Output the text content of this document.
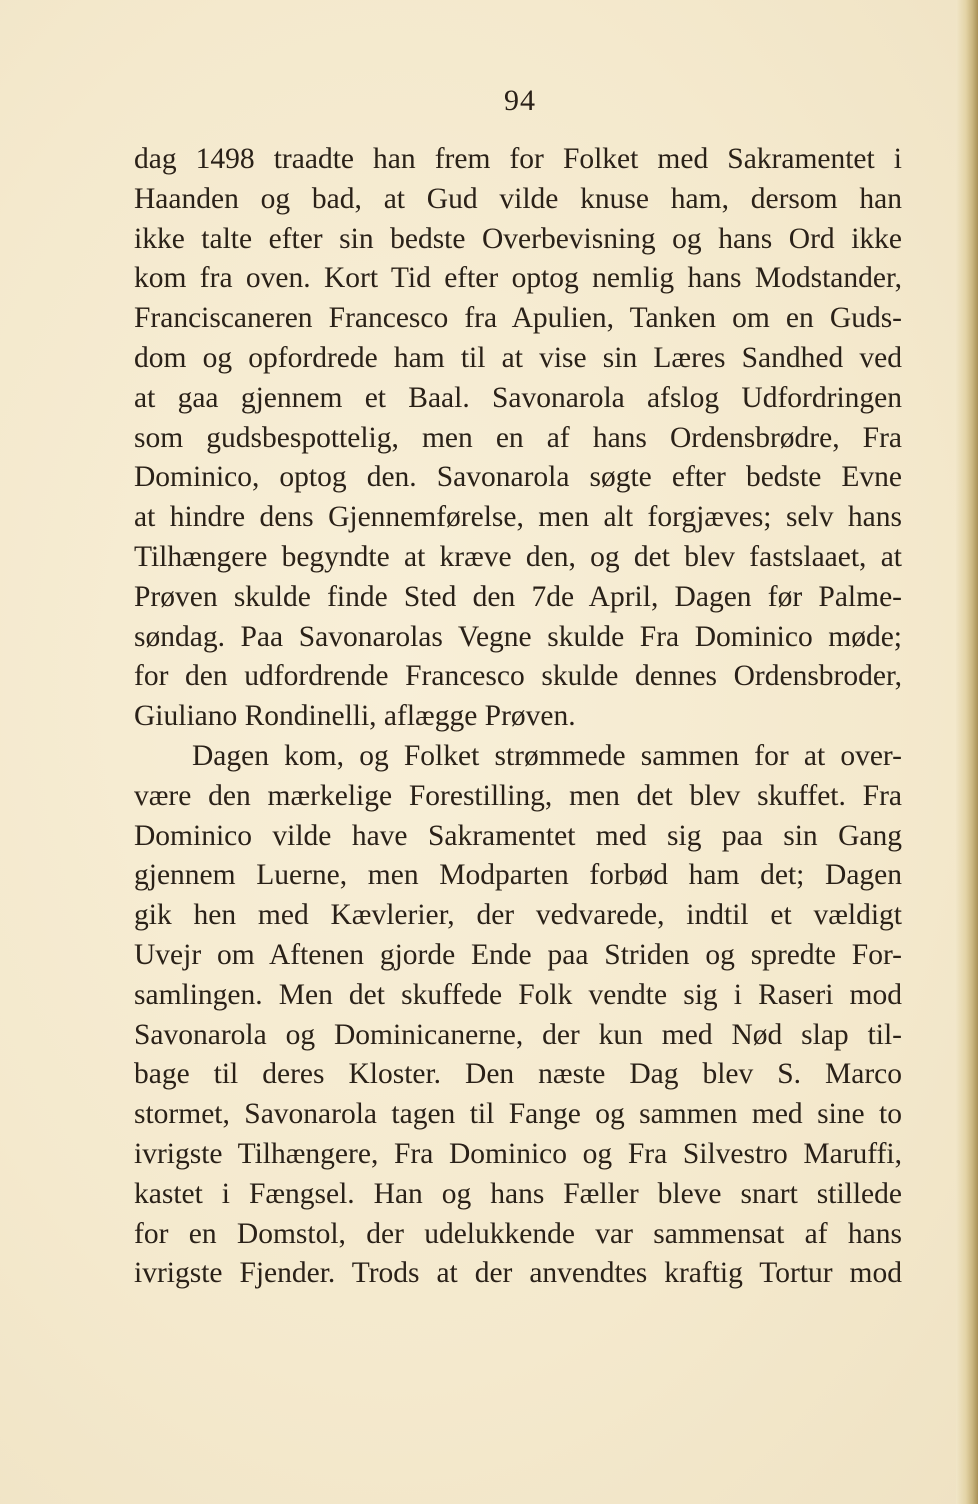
94
dag 1498 traadte han frem for Folket med Sakramentet i
Haanden og bad, at Gud vilde knuse ham, dersom han
ikke talte efter sin bedste Overbevisning og hans Ord ikke
kom fra oven. Kort Tid efter optog nemlig hans Modstander,
Franciscaneren Francesco fra Apulien, Tanken om en Guds-
dom og opfordrede ham til at vise sin Læres Sandhed ved
at gaa gjennem et Baal. Savonarola afslog Udfordringen
som gudsbespottelig, men en af hans Ordensbrødre, Fra
Dominico, optog den. Savonarola søgte efter bedste Evne
at hindre dens Gjennemførelse, men alt forgjæves; selv hans
Tilhængere begyndte at kræve den, og det blev fastslaaet, at
Prøven skulde finde Sted den 7de April, Dagen før Palme-
søndag. Paa Savonarolas Vegne skulde Fra Dominico møde;
for den udfordrende Francesco skulde dennes Ordensbroder,
Giuliano Rondinelli, aflægge Prøven.
Dagen kom, og Folket strømmede sammen for at over-
være den mærkelige Forestilling, men det blev skuffet. Fra
Dominico vilde have Sakramentet med sig paa sin Gang
gjennem Luerne, men Modparten forbød ham det; Dagen
gik hen med Kævlerier, der vedvarede, indtil et vældigt
Uvejr om Aftenen gjorde Ende paa Striden og spredte For-
samlingen. Men det skuffede Folk vendte sig i Raseri mod
Savonarola og Dominicanerne, der kun med Nød slap til-
bage til deres Kloster. Den næste Dag blev S. Marco
stormet, Savonarola tagen til Fange og sammen med sine to
ivrigste Tilhængere, Fra Dominico og Fra Silvestro Maruffi,
kastet i Fængsel. Han og hans Fæller bleve snart stillede
for en Domstol, der udelukkende var sammensat af hans
ivrigste Fjender. Trods at der anvendtes kraftig Tortur mod
